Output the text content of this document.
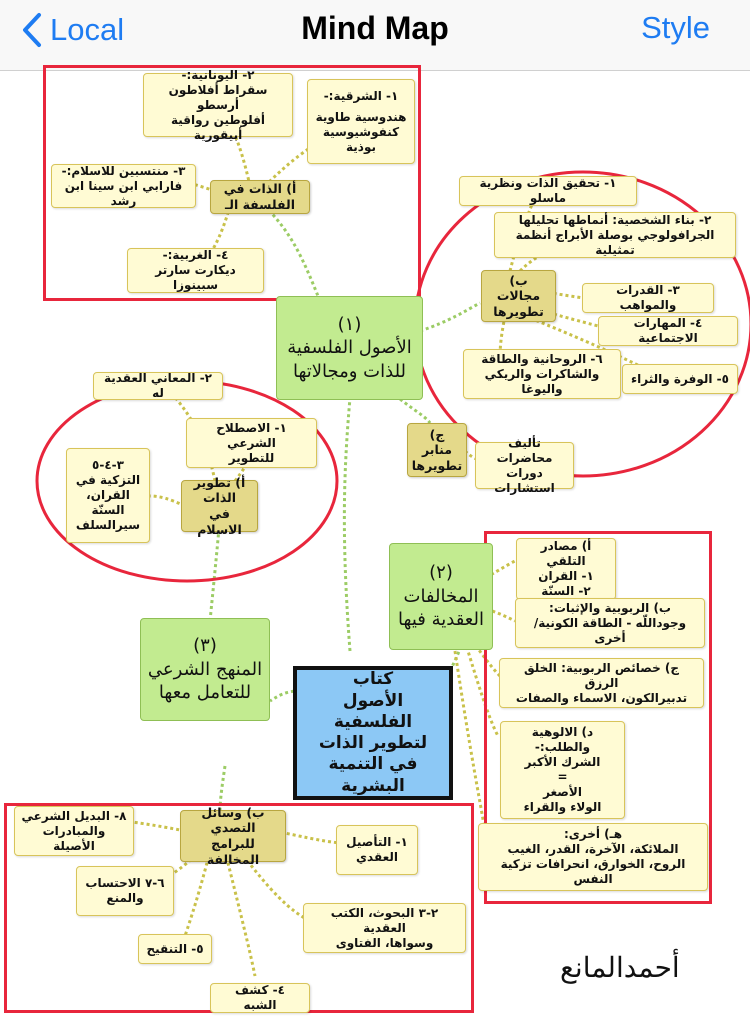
Local	Mind Map	Style
كتاب
الأصول الفلسفية
لتطوير الذات
في التنمية البشرية
(١)
الأصول الفلسفية
للذات ومجالاتها
(٢)
المخالفات
العقدية فيها
(٣)
المنهج الشرعي
للتعامل معها
أ) الذات في الفلسفة الـ
ب) مجالات
تطويرها
ج) منابر
تطويرها
أ) تطوير الذات
في الاسلام
ب) وسائل التصدي
للبرامج المخالفة
٢- اليونانية:-
سقراط أفلاطون أرسطو
أفلوطين رواقية أبيقورية
١- الشرقية:-
هندوسية طاوية
كنفوشيوسية بوذية
٣- منتسبين للاسلام:-
فارابي ابن سينا ابن رشد
٤- الغربية:-
ديكارت سارتر سبينوزا
١- تحقيق الذات ونظرية ماسلو
٢- بناء الشخصية: أنماطها تحليلها
الجرافولوجي بوصلة الأبراج أنظمة تمثيلية
٣- القدرات والمواهب
٤- المهارات الاجتماعية
٦- الروحانية والطاقة
والشاكرات والريكي واليوغا
٥- الوفرة والثراء
تأليف محاضرات
دورات استشارات
٢- المعاني العقدية له
١- الاصطلاح الشرعي
للتطوير
٣-٤-٥
التزكية في
القران، السنّة
سيرالسلف
أ) مصادر التلقي
١- القران
٢- السنّة
ب) الربوبية والإثبات:
وجوداللّه - الطاقة الكونية/أخرى
ج) خصائص الربوبية: الخلق الرزق
تدبيرالكون، الاسماء والصفات
د) الالوهية والطلب:-
الشرك الأكبر
=
الأصغر
الولاء والقراء
هـ) أخرى:
الملائكة، الآخرة، القدر، الغيب
الروح، الخوارق، انحرافات تزكية النفس
٨- البديل الشرعي
والمبادرات الأصيلة	١- التأصيل
العقدي
٦-٧ الاحتساب
والمنع
٢-٣ البحوث، الكتب العقدية
وسواها، الفتاوى
٥- التنقيح
٤- كشف الشبه
أحمدالمانع
